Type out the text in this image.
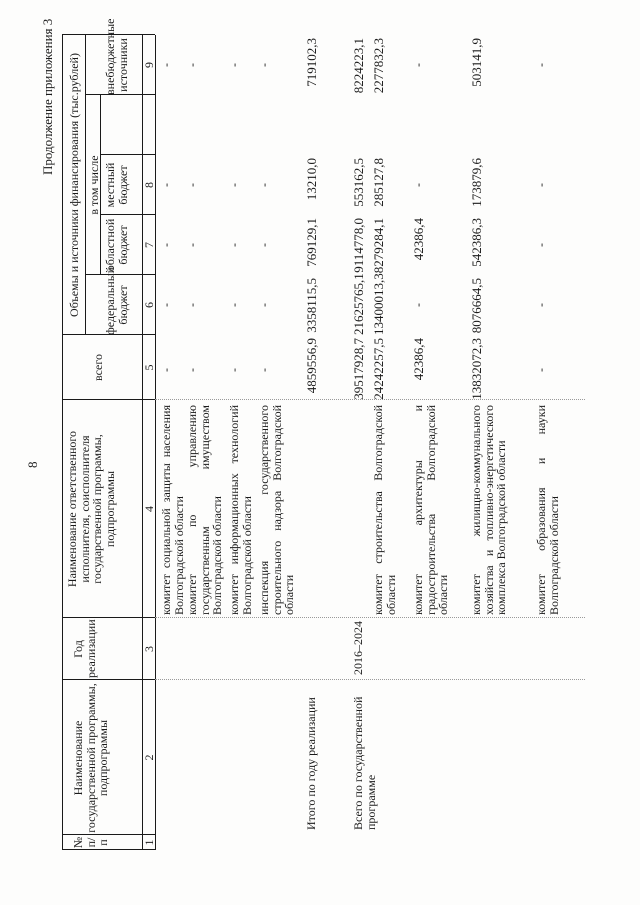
8
Продолжение приложения 3
№ п/п
Наименование государственной программы, подпрограммы
Год реализации
Наименование ответственного исполнителя, соисполнителя государственной программы, подпрограммы
Объемы и источники финансирования (тыс.рублей)
всего
в том числе
федеральный бюджет
областной бюджет
местный бюджет
внебюджетные источники
1
2
3
4
5
6
7
8
9
комитет социальной защиты населения Волгоградской области
-
-
-
-
-
комитет по управлению государственным имуществом Волгоградской области
-
-
-
-
-
комитет информационных технологий Волгоградской области
-
-
-
-
-
инспекция государственного строительного надзора Волгоградской области
-
-
-
-
-
Итого по году реализации
4859556,9
3358115,5
769129,1
13210,0
719102,3
Всего по государственной программе
2016–2024
39517928,7
21625765,1
9114778,0
553162,5
8224223,1
комитет строительства Волгоградской области
24242257,5
13400013,3
8279284,1
285127,8
2277832,3
комитет архитектуры и градостроительства Волгоградской области
42386,4
-
42386,4
-
-
комитет жилищно-коммунального хозяйства и топливно-энергетического комплекса Волгоградской области
13832072,3
8076664,5
542386,3
173879,6
503141,9
комитет образования и науки Волгоградской области
-
-
-
-
-
